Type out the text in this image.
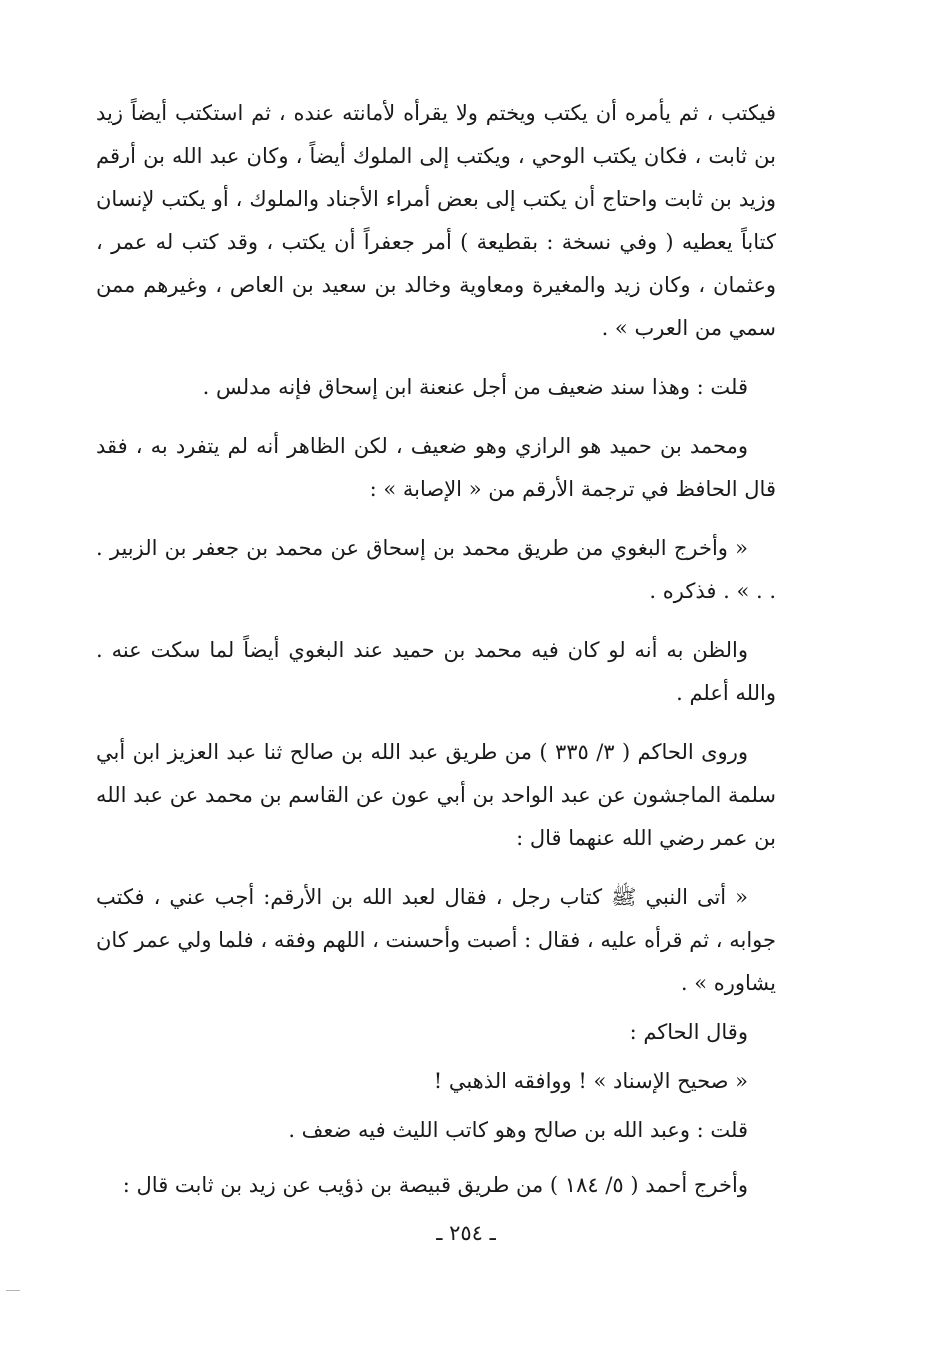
فيكتب ، ثم يأمره أن يكتب ويختم ولا يقرأه لأمانته عنده ، ثم استكتب أيضاً زيد بن ثابت ، فكان يكتب الوحي ، ويكتب إلى الملوك أيضاً ، وكان عبد الله بن أرقم وزيد بن ثابت واحتاج أن يكتب إلى بعض أمراء الأجناد والملوك ، أو يكتب لإنسان كتاباً يعطيه ( وفي نسخة : بقطيعة ) أمر جعفراً أن يكتب ، وقد كتب له عمر ، وعثمان ، وكان زيد والمغيرة ومعاوية وخالد بن سعيد بن العاص ، وغيرهم ممن سمي من العرب » .

قلت : وهذا سند ضعيف من أجل عنعنة ابن إسحاق فإنه مدلس .

ومحمد بن حميد هو الرازي وهو ضعيف ، لكن الظاهر أنه لم يتفرد به ، فقد قال الحافظ في ترجمة الأرقم من « الإصابة » :

« وأخرج البغوي من طريق محمد بن إسحاق عن محمد بن جعفر بن الزبير . . . » . فذكره .

والظن به أنه لو كان فيه محمد بن حميد عند البغوي أيضاً لما سكت عنه . والله أعلم .

وروى الحاكم ( ٣/ ٣٣٥ ) من طريق عبد الله بن صالح ثنا عبد العزيز ابن أبي سلمة الماجشون عن عبد الواحد بن أبي عون عن القاسم بن محمد عن عبد الله بن عمر رضي الله عنهما قال :

« أتى النبي ﷺ كتاب رجل ، فقال لعبد الله بن الأرقم: أجب عني ، فكتب جوابه ، ثم قرأه عليه ، فقال : أصبت وأحسنت ، اللهم وفقه ، فلما ولي عمر كان يشاوره » .

وقال الحاكم :

« صحيح الإسناد » ! ووافقه الذهبي !

قلت : وعبد الله بن صالح وهو كاتب الليث فيه ضعف .

وأخرج أحمد ( ٥/ ١٨٤ ) من طريق قبيصة بن ذؤيب عن زيد بن ثابت قال :

ـ ٢٥٤ ـ
